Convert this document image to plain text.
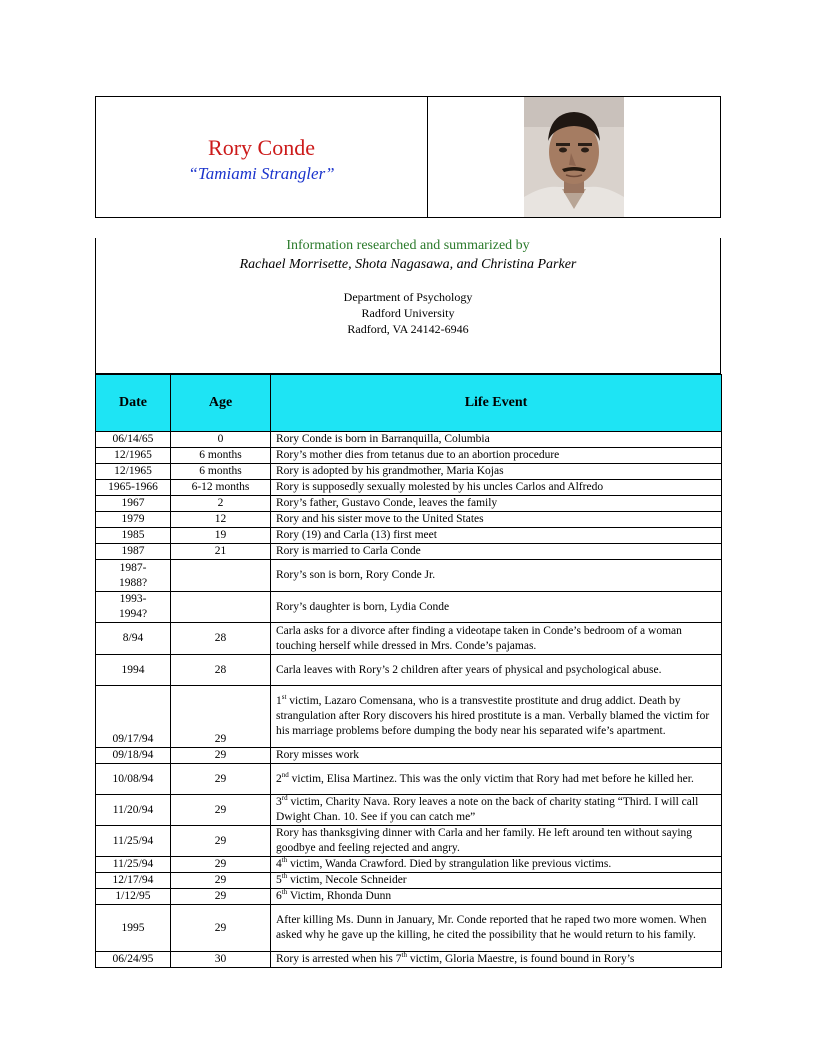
Rory Conde
“Tamiami Strangler”
Information researched and summarized by
Rachael Morrisette, Shota Nagasawa, and Christina Parker
Department of Psychology
Radford University
Radford, VA 24142-6946
Date	Age	Life Event
06/14/65	0	Rory Conde is born in Barranquilla, Columbia
12/1965	6 months	Rory’s mother dies from tetanus due to an abortion procedure
12/1965	6 months	Rory is adopted by his grandmother, Maria Kojas
1965-1966	6-12 months	Rory is supposedly sexually molested by his uncles Carlos and Alfredo
1967	2	Rory’s father, Gustavo Conde, leaves the family
1979	12	Rory and his sister move to the United States
1985	19	Rory (19) and Carla (13) first meet
1987	21	Rory is married to Carla Conde
1987-
1988?		Rory’s son is born, Rory Conde Jr.
1993-
1994?		Rory’s daughter is born, Lydia Conde
8/94	28	Carla asks for a divorce after finding a videotape taken in Conde’s bedroom of a woman touching herself while dressed in Mrs. Conde’s pajamas.
1994	28	Carla leaves with Rory’s 2 children after years of physical and psychological abuse.
09/17/94	29	1st victim, Lazaro Comensana, who is a transvestite prostitute and drug addict. Death by strangulation after Rory discovers his hired prostitute is a man. Verbally blamed the victim for his marriage problems before dumping the body near his separated wife’s apartment.
09/18/94	29	Rory misses work
10/08/94	29	2nd victim, Elisa Martinez. This was the only victim that Rory had met before he killed her.
11/20/94	29	3rd victim, Charity Nava. Rory leaves a note on the back of charity stating “Third. I will call Dwight Chan. 10. See if you can catch me”
11/25/94	29	Rory has thanksgiving dinner with Carla and her family. He left around ten without saying goodbye and feeling rejected and angry.
11/25/94	29	4th victim, Wanda Crawford. Died by strangulation like previous victims.
12/17/94	29	5th victim, Necole Schneider
1/12/95	29	6th Victim, Rhonda Dunn
1995	29	After killing Ms. Dunn in January, Mr. Conde reported that he raped two more women. When asked why he gave up the killing, he cited the possibility that he would return to his family.
06/24/95	30	Rory is arrested when his 7th victim, Gloria Maestre, is found bound in Rory’s
